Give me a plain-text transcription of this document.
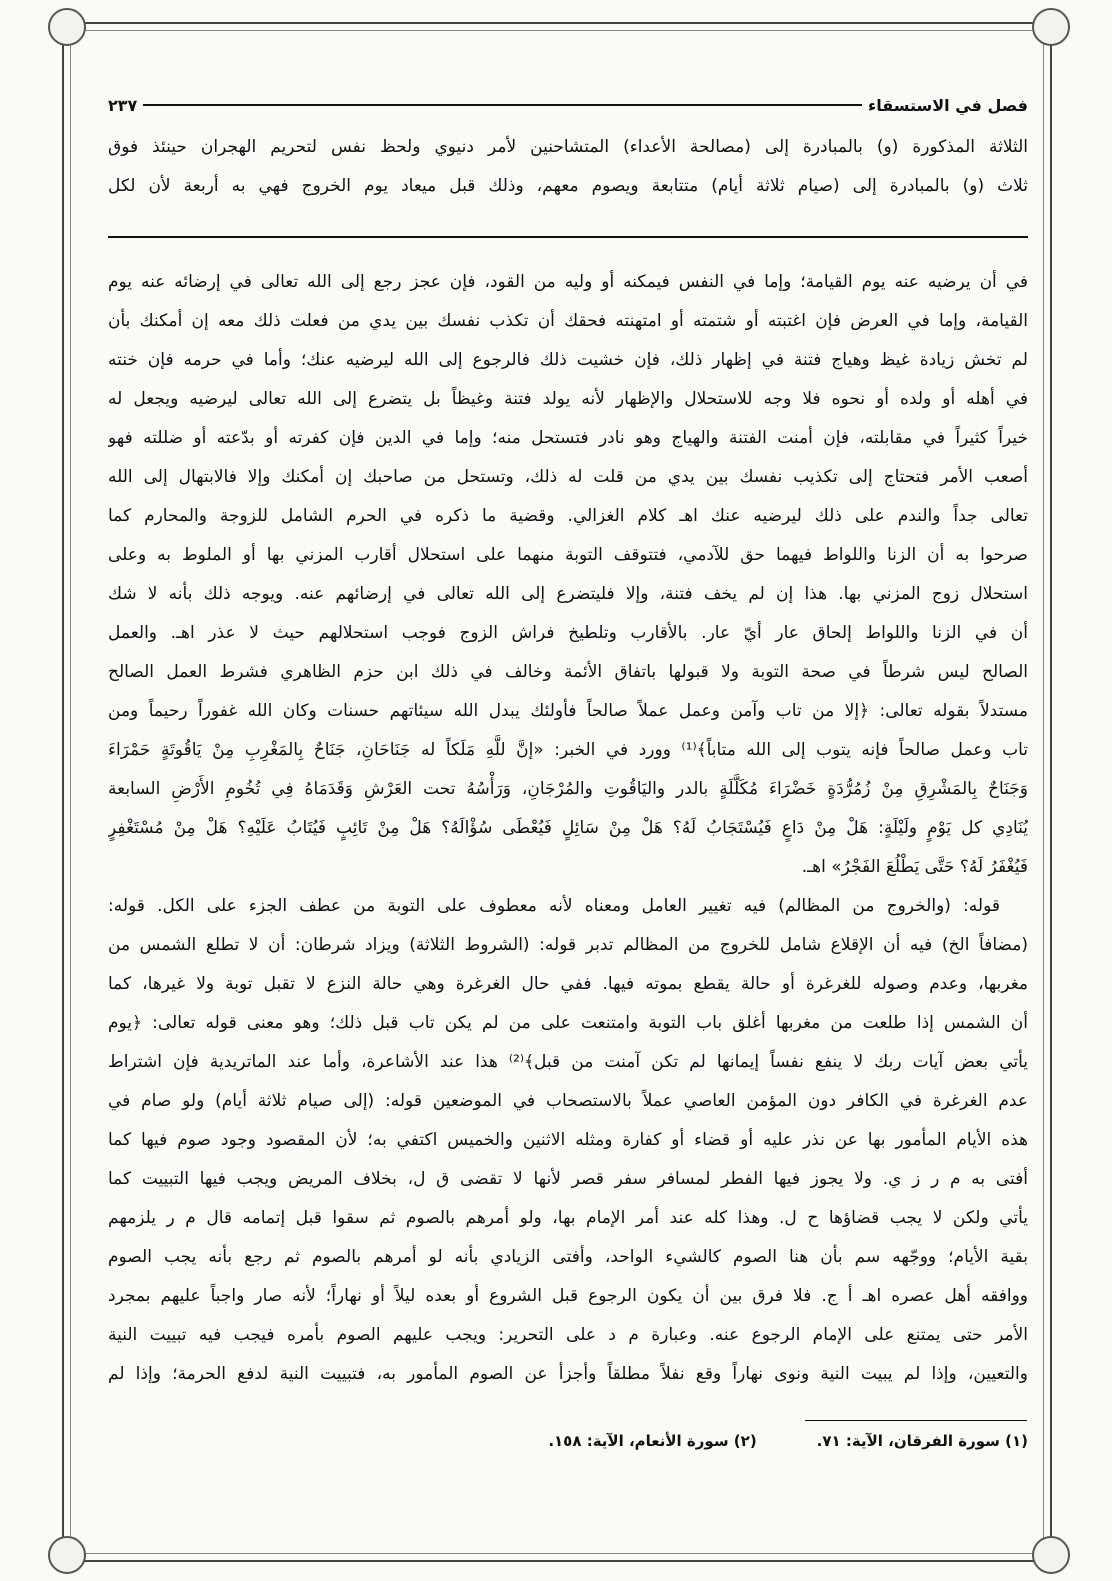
فصل في الاستسقاء
٢٣٧
الثلاثة المذكورة (و) بالمبادرة إلى (مصالحة الأعداء) المتشاحنين لأمر دنيوي ولحظ نفس لتحريم الهجران حينئذ فوق
ثلاث (و) بالمبادرة إلى (صيام ثلاثة أيام) متتابعة ويصوم معهم، وذلك قبل ميعاد يوم الخروج فهي به أربعة لأن لكل
في أن يرضيه عنه يوم القيامة؛ وإما في النفس فيمكنه أو وليه من القود، فإن عجز رجع إلى الله تعالى في إرضائه عنه يوم
القيامة، وإما في العرض فإن اغتبته أو شتمته أو امتهنته فحقك أن تكذب نفسك بين يدي من فعلت ذلك معه إن أمكنك بأن
لم تخش زيادة غيظ وهياج فتنة في إظهار ذلك، فإن خشيت ذلك فالرجوع إلى الله ليرضيه عنك؛ وأما في حرمه فإن خنته
في أهله أو ولده أو نحوه فلا وجه للاستحلال والإظهار لأنه يولد فتنة وغيظاً بل يتضرع إلى الله تعالى ليرضيه ويجعل له
خيراً كثيراً في مقابلته، فإن أمنت الفتنة والهياج وهو نادر فتستحل منه؛ وإما في الدين فإن كفرته أو بدّعته أو ضللته فهو
أصعب الأمر فتحتاج إلى تكذيب نفسك بين يدي من قلت له ذلك، وتستحل من صاحبك إن أمكنك وإلا فالابتهال إلى الله
تعالى جداً والندم على ذلك ليرضيه عنك اهـ كلام الغزالي. وقضية ما ذكره في الحرم الشامل للزوجة والمحارم كما
صرحوا به أن الزنا واللواط فيهما حق للآدمي، فتتوقف التوبة منهما على استحلال أقارب المزني بها أو الملوط به وعلى
استحلال زوج المزني بها. هذا إن لم يخف فتنة، وإلا فليتضرع إلى الله تعالى في إرضائهم عنه. ويوجه ذلك بأنه لا شك
أن في الزنا واللواط إلحاق عار أيّ عار. بالأقارب وتلطيخ فراش الزوج فوجب استحلالهم حيث لا عذر اهـ. والعمل
الصالح ليس شرطاً في صحة التوبة ولا قبولها باتفاق الأئمة وخالف في ذلك ابن حزم الظاهري فشرط العمل الصالح
مستدلاً بقوله تعالى: ﴿إلا من تاب وآمن وعمل عملاً صالحاً فأولئك يبدل الله سيئاتهم حسنات وكان الله غفوراً رحيماً ومن
تاب وعمل صالحاً فإنه يتوب إلى الله متاباً﴾⁽¹⁾ وورد في الخبر: «إنَّ للَّهِ مَلَكاً له جَنَاحَانِ، جَنَاحٌ بِالمَغْرِبِ مِنْ يَاقُوتَةٍ حَمْرَاءَ
وَجَنَاحٌ بِالمَشْرِقِ مِنْ زُمُرُّدَةٍ خَضْرَاءَ مُكَلَّلَةٍ بالدر واليَاقُوتِ والمُرْجَانِ، وَرَأْسُهُ تحت العَرْشِ وَقَدَمَاهُ فِي تُخُومِ الأَرْضِ السابعة
يُنَادِي كل يَوْمٍ ولَيْلَةٍ: هَلْ مِنْ دَاعٍ فَيُسْتَجَابُ لَهُ؟ هَلْ مِنْ سَائِلٍ فَيُعْطَى سُؤْالَهُ؟ هَلْ مِنْ تَائِبٍ فَيُتَابُ عَلَيْهِ؟ هَلْ مِنْ مُسْتَغْفِرٍ
فَيُغْفَرُ لَهُ؟ حَتَّى يَطْلُعَ الفَجْرُ» اهـ.
قوله: (والخروج من المظالم) فيه تغيير العامل ومعناه لأنه معطوف على التوبة من عطف الجزء على الكل. قوله:
(مضافاً الخ) فيه أن الإقلاع شامل للخروج من المظالم تدبر قوله: (الشروط الثلاثة) ويزاد شرطان: أن لا تطلع الشمس من
مغربها، وعدم وصوله للغرغرة أو حالة يقطع بموته فيها. ففي حال الغرغرة وهي حالة النزع لا تقبل توبة ولا غيرها، كما
أن الشمس إذا طلعت من مغربها أغلق باب التوبة وامتنعت على من لم يكن تاب قبل ذلك؛ وهو معنى قوله تعالى: ﴿يوم
يأتي بعض آيات ربك لا ينفع نفساً إيمانها لم تكن آمنت من قبل﴾⁽²⁾ هذا عند الأشاعرة، وأما عند الماتريدية فإن اشتراط
عدم الغرغرة في الكافر دون المؤمن العاصي عملاً بالاستصحاب في الموضعين قوله: (إلى صيام ثلاثة أيام) ولو صام في
هذه الأيام المأمور بها عن نذر عليه أو قضاء أو كفارة ومثله الاثنين والخميس اكتفي به؛ لأن المقصود وجود صوم فيها كما
أفتى به م ر ز ي. ولا يجوز فيها الفطر لمسافر سفر قصر لأنها لا تقضى ق ل، بخلاف المريض ويجب فيها التبييت كما
يأتي ولكن لا يجب قضاؤها ح ل. وهذا كله عند أمر الإمام بها، ولو أمرهم بالصوم ثم سقوا قبل إتمامه قال م ر يلزمهم
بقية الأيام؛ ووجّهه سم بأن هنا الصوم كالشيء الواحد، وأفتى الزيادي بأنه لو أمرهم بالصوم ثم رجع بأنه يجب الصوم
ووافقه أهل عصره اهـ أ ج. فلا فرق بين أن يكون الرجوع قبل الشروع أو بعده ليلاً أو نهاراً؛ لأنه صار واجباً عليهم بمجرد
الأمر حتى يمتنع على الإمام الرجوع عنه. وعبارة م د على التحرير: ويجب عليهم الصوم بأمره فيجب فيه تبييت النية
والتعيين، وإذا لم يبيت النية ونوى نهاراً وقع نفلاً مطلقاً وأجزأ عن الصوم المأمور به، فتبييت النية لدفع الحرمة؛ وإذا لم
(١) سورة الفرقان، الآية: ٧١.
(٢) سورة الأنعام، الآية: ١٥٨.
